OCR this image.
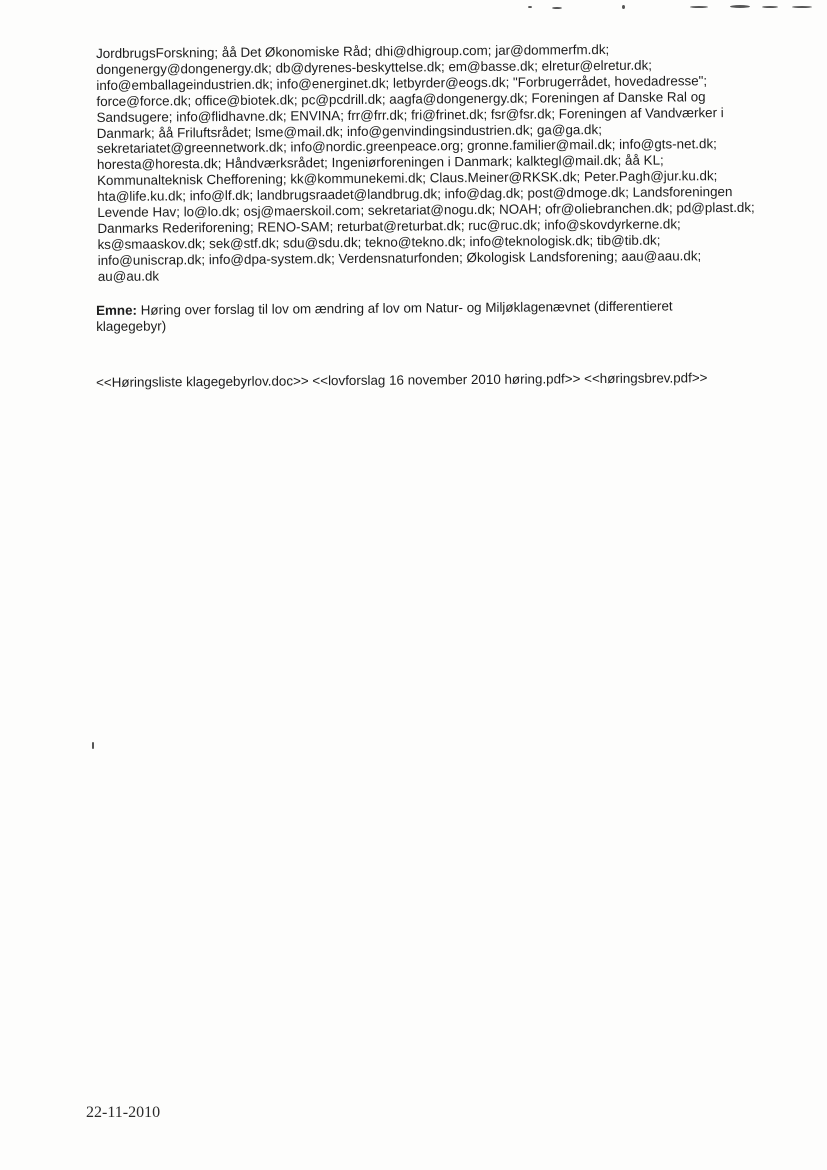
JordbrugsForskning; åå Det Økonomiske Råd; dhi@dhigroup.com; jar@dommerfm.dk; dongenergy@dongenergy.dk; db@dyrenes-beskyttelse.dk; em@basse.dk; elretur@elretur.dk; info@emballageindustrien.dk; info@energinet.dk; letbyrder@eogs.dk; "Forbrugerrådet, hovedadresse"; force@force.dk; office@biotek.dk; pc@pcdrill.dk; aagfa@dongenergy.dk; Foreningen af Danske Ral og Sandsugere; info@flidhavne.dk; ENVINA; frr@frr.dk; fri@frinet.dk; fsr@fsr.dk; Foreningen af Vandværker i Danmark; åå Friluftsrådet; lsme@mail.dk; info@genvindingsindustrien.dk; ga@ga.dk; sekretariatet@greennetwork.dk; info@nordic.greenpeace.org; gronne.familier@mail.dk; info@gts-net.dk; horesta@horesta.dk; Håndværksrådet; Ingeniørforeningen i Danmark; kalktegl@mail.dk; åå KL; Kommunalteknisk Chefforening; kk@kommunekemi.dk; Claus.Meiner@RKSK.dk; Peter.Pagh@jur.ku.dk; hta@life.ku.dk; info@lf.dk; landbrugsraadet@landbrug.dk; info@dag.dk; post@dmoge.dk; Landsforeningen Levende Hav; lo@lo.dk; osj@maerskoil.com; sekretariat@nogu.dk; NOAH; ofr@oliebranchen.dk; pd@plast.dk; Danmarks Rederiforening; RENO-SAM; returbat@returbat.dk; ruc@ruc.dk; info@skovdyrkerne.dk; ks@smaaskov.dk; sek@stf.dk; sdu@sdu.dk; tekno@tekno.dk; info@teknologisk.dk; tib@tib.dk; info@uniscrap.dk; info@dpa-system.dk; Verdensnaturfonden; Økologisk Landsforening; aau@aau.dk; au@au.dk

Emne: Høring over forslag til lov om ændring af lov om Natur- og Miljøklagenævnet (differentieret klagegebyr)

<<Høringsliste klagegebyrlov.doc>> <<lovforslag 16 november 2010 høring.pdf>> <<høringsbrev.pdf>>

22-11-2010
